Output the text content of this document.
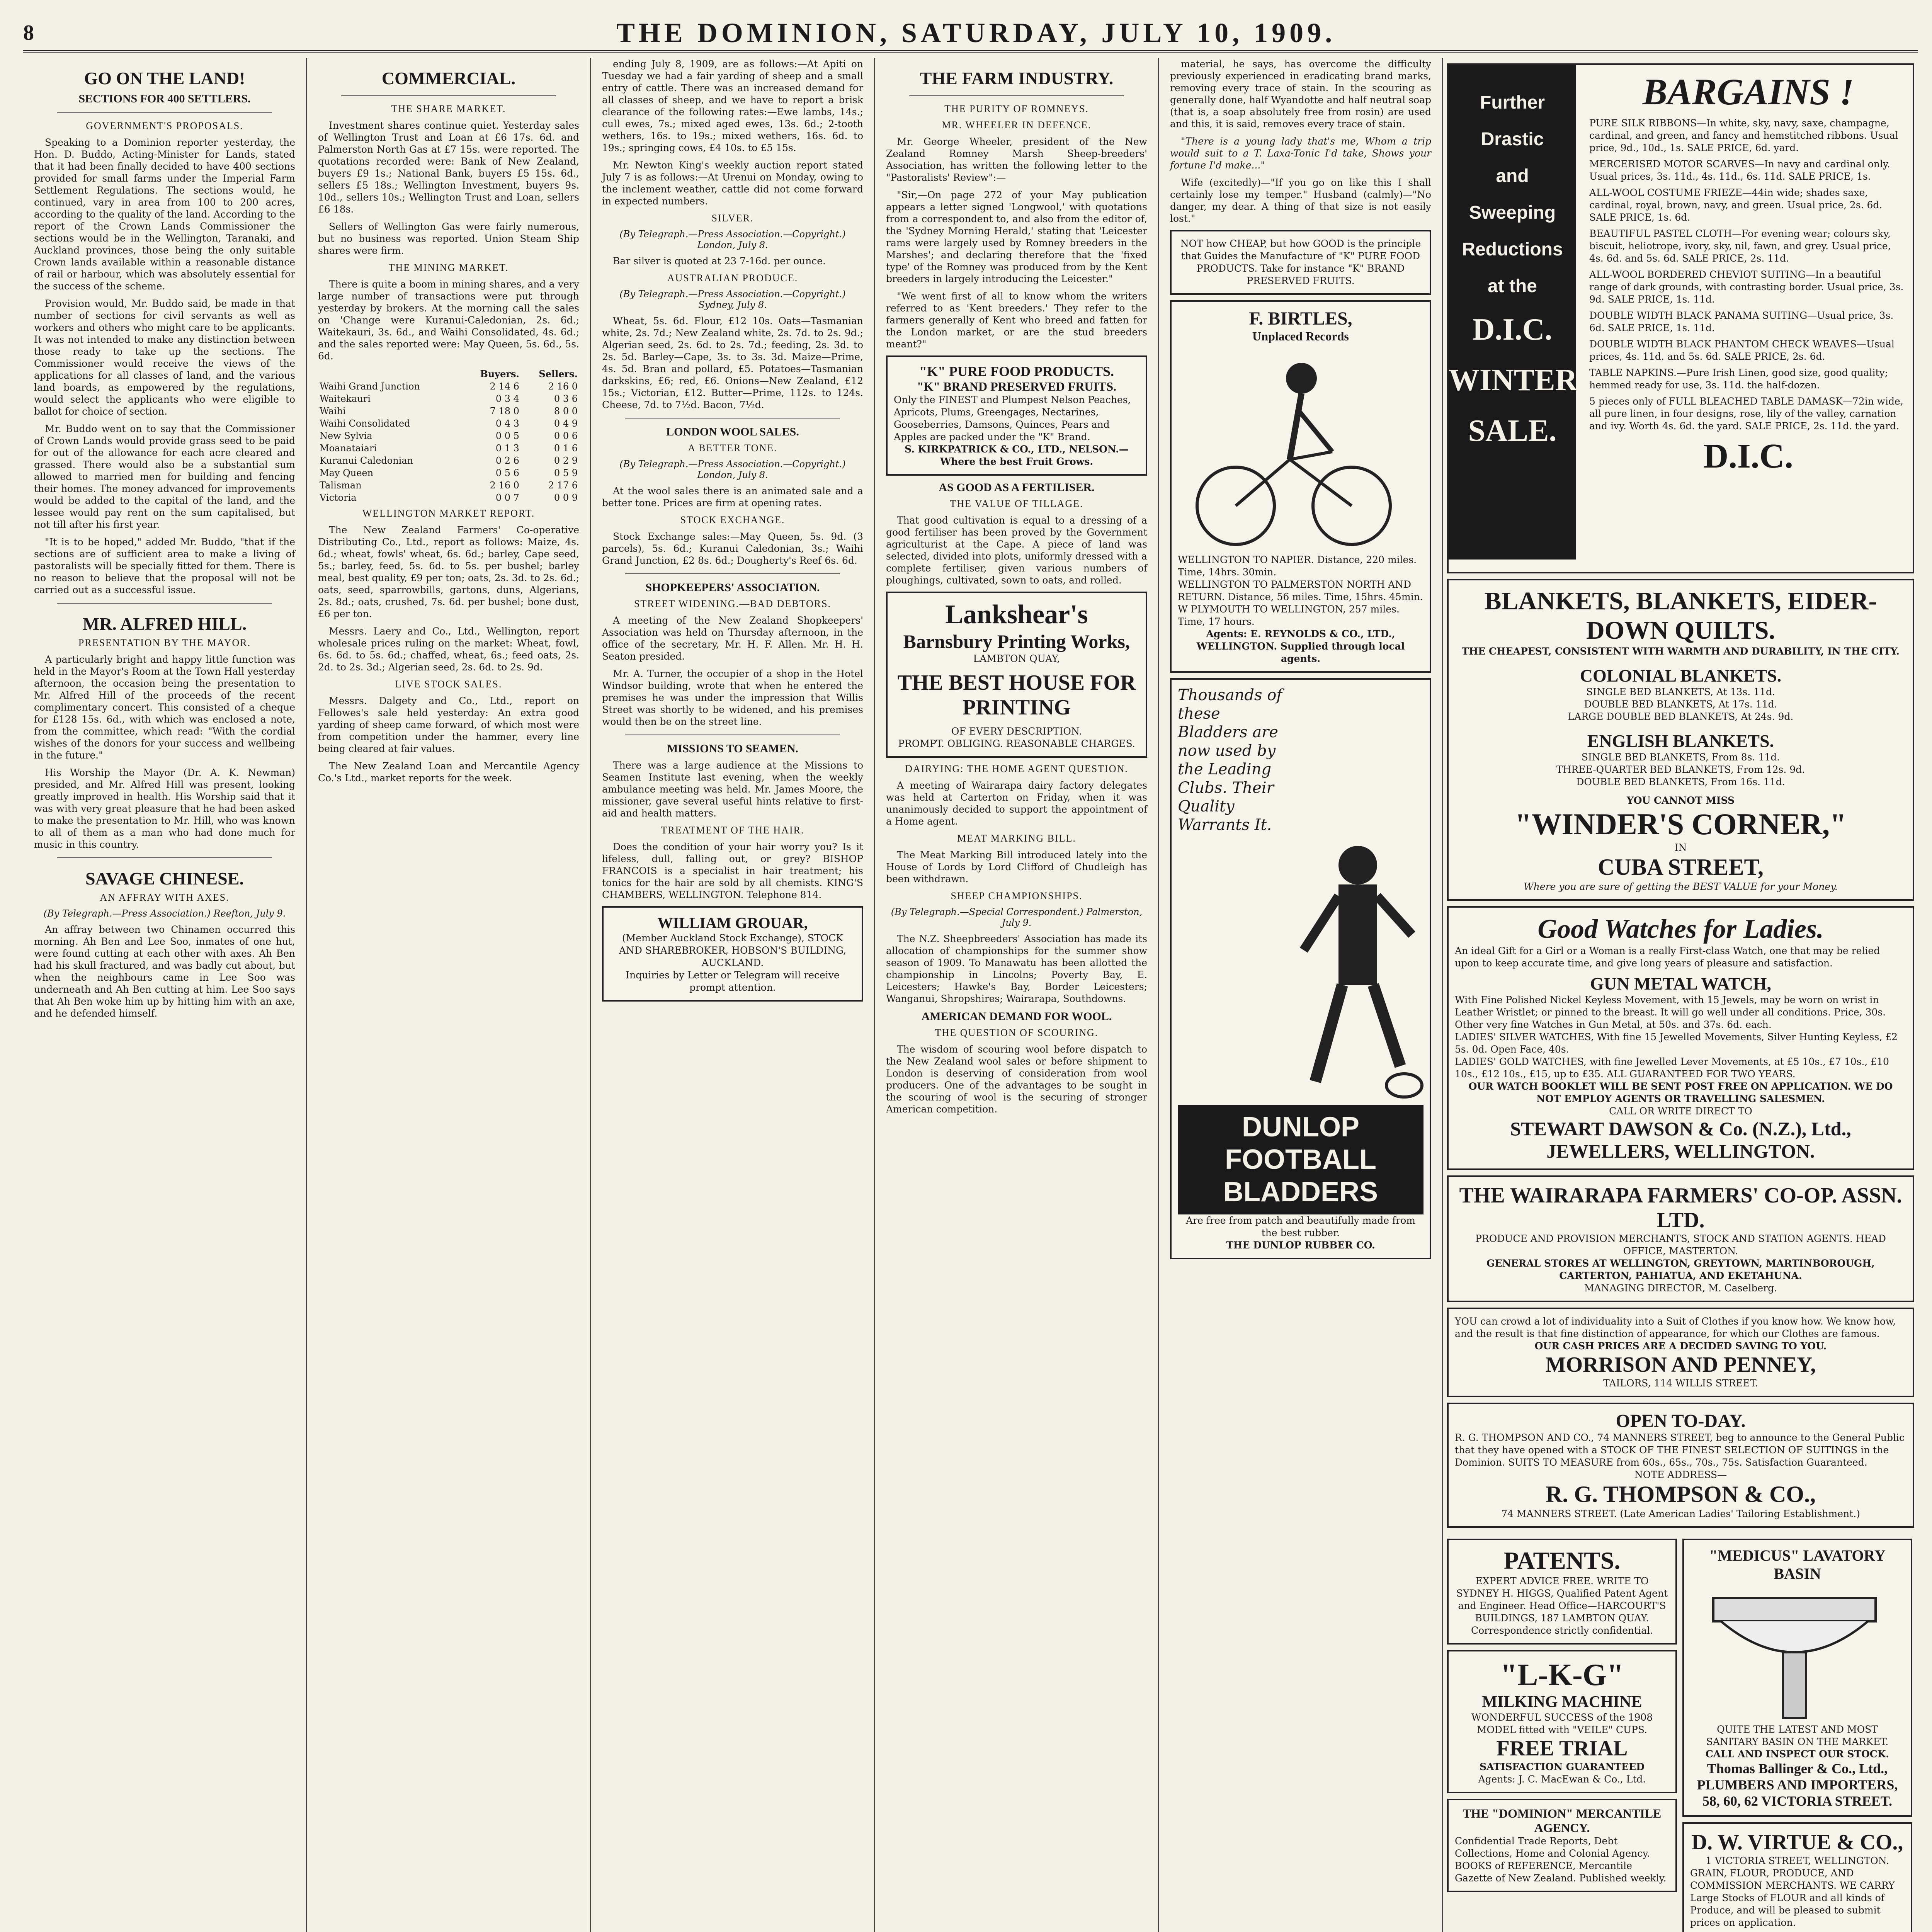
8	THE DOMINION, SATURDAY, JULY 10, 1909.
GO ON THE LAND!
SECTIONS FOR 400 SETTLERS.
GOVERNMENT'S PROPOSALS.

Speaking to a Dominion reporter yesterday, the Hon. D. Buddo, Acting-Minister for Lands, stated that it had been finally decided to have 400 sections provided for small farms under the Imperial Farm Settlement Regulations. The sections would, he continued, vary in area from 100 to 200 acres, according to the quality of the land. According to the report of the Crown Lands Commissioner the sections would be in the Wellington, Taranaki, and Auckland provinces, those being the only suitable Crown lands available within a reasonable distance of rail or harbour, which was absolutely essential for the success of the scheme.

Provision would, Mr. Buddo said, be made in that number of sections for civil servants as well as workers and others who might care to be applicants. It was not intended to make any distinction between those ready to take up the sections. The Commissioner would receive the views of the applications for all classes of land, and the various land boards, as empowered by the regulations, would select the applicants who were eligible to ballot for choice of section.

Mr. Buddo went on to say that the Commissioner of Crown Lands would provide grass seed to be paid for out of the allowance for each acre cleared and grassed. There would also be a substantial sum allowed to married men for building and fencing their homes. The money advanced for improvements would be added to the capital of the land, and the lessee would pay rent on the sum capitalised, but not till after his first year.

"It is to be hoped," added Mr. Buddo, "that if the sections are of sufficient area to make a living of pastoralists will be specially fitted for them. There is no reason to believe that the proposal will not be carried out as a successful issue.

MR. ALFRED HILL.
PRESENTATION BY THE MAYOR.

A particularly bright and happy little function was held in the Mayor's Room at the Town Hall yesterday afternoon, the occasion being the presentation to Mr. Alfred Hill of the proceeds of the recent complimentary concert. This consisted of a cheque for £128 15s. 6d., with which was enclosed a note, from the committee, which read: "With the cordial wishes of the donors for your success and wellbeing in the future."

His Worship the Mayor (Dr. A. K. Newman) presided, and Mr. Alfred Hill was present, looking greatly improved in health. His Worship said that it was with very great pleasure that he had been asked to make the presentation to Mr. Hill, who was known to all of them as a man who had done much for music in this country.

SAVAGE CHINESE.
AN AFFRAY WITH AXES.
(By Telegraph.—Press Association.) Reefton, July 9.

An affray between two Chinamen occurred this morning. Ah Ben and Lee Soo, inmates of one hut, were found cutting at each other with axes. Ah Ben had his skull fractured, and was badly cut about, but when the neighbours came in Lee Soo was underneath and Ah Ben cutting at him. Lee Soo says that Ah Ben woke him up by hitting him with an axe, and he defended himself.

COMMERCIAL.
THE SHARE MARKET.

Investment shares continue quiet. Yesterday sales of Wellington Trust and Loan at £6 17s. 6d. and Palmerston North Gas at £7 15s. were reported. The quotations recorded were: Bank of New Zealand, buyers £9 1s.; National Bank, buyers £5 15s. 6d., sellers £5 18s.; Wellington Investment, buyers 9s. 10d., sellers 10s.; Wellington Trust and Loan, sellers £6 18s.

Sellers of Wellington Gas were fairly numerous, but no business was reported. Union Steam Ship shares were firm.

THE MINING MARKET.

There is quite a boom in mining shares, and a very large number of transactions were put through yesterday by brokers. At the morning call the sales on 'Change were Kuranui-Caledonian, 2s. 6d.; Waitekauri, 3s. 6d., and Waihi Consolidated, 4s. 6d.; and the sales reported were: May Queen, 5s. 6d., 5s. 6d.

	Buyers.	Sellers.
Waihi Grand Junction	2 14 6	2 16 0
Waitekauri	0 3 4	0 3 6
Waihi	7 18 0	8 0 0
Waihi Consolidated	0 4 3	0 4 9
New Sylvia	0 0 5	0 0 6
Moanataiari	0 1 3	0 1 6
Kuranui Caledonian	0 2 6	0 2 9
May Queen	0 5 6	0 5 9
Talisman	2 16 0	2 17 6
Victoria	0 0 7	0 0 9
WELLINGTON MARKET REPORT.

The New Zealand Farmers' Co-operative Distributing Co., Ltd., report as follows: Maize, 4s. 6d.; wheat, fowls' wheat, 6s. 6d.; barley, Cape seed, 5s.; barley, feed, 5s. 6d. to 5s. per bushel; barley meal, best quality, £9 per ton; oats, 2s. 3d. to 2s. 6d.; oats, seed, sparrowbills, gartons, duns, Algerians, 2s. 8d.; oats, crushed, 7s. 6d. per bushel; bone dust, £6 per ton.

Messrs. Laery and Co., Ltd., Wellington, report wholesale prices ruling on the market: Wheat, fowl, 6s. 6d. to 5s. 6d.; chaffed, wheat, 6s.; feed oats, 2s. 2d. to 2s. 3d.; Algerian seed, 2s. 6d. to 2s. 9d.

LIVE STOCK SALES.

Messrs. Dalgety and Co., Ltd., report on Fellowes's sale held yesterday: An extra good yarding of sheep came forward, of which most were from competition under the hammer, every line being cleared at fair values.

The New Zealand Loan and Mercantile Agency Co.'s Ltd., market reports for the week.

ending July 8, 1909, are as follows:—At Apiti on Tuesday we had a fair yarding of sheep and a small entry of cattle. There was an increased demand for all classes of sheep, and we have to report a brisk clearance of the following rates:—Ewe lambs, 14s.; cull ewes, 7s.; mixed aged ewes, 13s. 6d.; 2-tooth wethers, 16s. to 19s.; mixed wethers, 16s. 6d. to 19s.; springing cows, £4 10s. to £5 15s.

Mr. Newton King's weekly auction report stated July 7 is as follows:—At Urenui on Monday, owing to the inclement weather, cattle did not come forward in expected numbers.

SILVER.
(By Telegraph.—Press Association.—Copyright.) London, July 8.

Bar silver is quoted at 23 7-16d. per ounce.

AUSTRALIAN PRODUCE.
(By Telegraph.—Press Association.—Copyright.) Sydney, July 8.

Wheat, 5s. 6d. Flour, £12 10s. Oats—Tasmanian white, 2s. 7d.; New Zealand white, 2s. 7d. to 2s. 9d.; Algerian seed, 2s. 6d. to 2s. 7d.; feeding, 2s. 3d. to 2s. 5d. Barley—Cape, 3s. to 3s. 3d. Maize—Prime, 4s. 5d. Bran and pollard, £5. Potatoes—Tasmanian darkskins, £6; red, £6. Onions—New Zealand, £12 15s.; Victorian, £12. Butter—Prime, 112s. to 124s. Cheese, 7d. to 7½d. Bacon, 7½d.

LONDON WOOL SALES.
A BETTER TONE.
(By Telegraph.—Press Association.—Copyright.) London, July 8.

At the wool sales there is an animated sale and a better tone. Prices are firm at opening rates.

STOCK EXCHANGE.

Stock Exchange sales:—May Queen, 5s. 9d. (3 parcels), 5s. 6d.; Kuranui Caledonian, 3s.; Waihi Grand Junction, £2 8s. 6d.; Dougherty's Reef 6s. 6d.

SHOPKEEPERS' ASSOCIATION.
STREET WIDENING.—BAD DEBTORS.

A meeting of the New Zealand Shopkeepers' Association was held on Thursday afternoon, in the office of the secretary, Mr. H. F. Allen. Mr. H. H. Seaton presided.

Mr. A. Turner, the occupier of a shop in the Hotel Windsor building, wrote that when he entered the premises he was under the impression that Willis Street was shortly to be widened, and his premises would then be on the street line.

MISSIONS TO SEAMEN.

There was a large audience at the Missions to Seamen Institute last evening, when the weekly ambulance meeting was held. Mr. James Moore, the missioner, gave several useful hints relative to first-aid and health matters.

TREATMENT OF THE HAIR.

Does the condition of your hair worry you? Is it lifeless, dull, falling out, or grey? BISHOP FRANCOIS is a specialist in hair treatment; his tonics for the hair are sold by all chemists. KING'S CHAMBERS, WELLINGTON. Telephone 814.

WILLIAM GROUAR,
(Member Auckland Stock Exchange), STOCK AND SHAREBROKER, HOBSON'S BUILDING, AUCKLAND.
Inquiries by Letter or Telegram will receive prompt attention.
THE FARM INDUSTRY.
THE PURITY OF ROMNEYS.
MR. WHEELER IN DEFENCE.

Mr. George Wheeler, president of the New Zealand Romney Marsh Sheep-breeders' Association, has written the following letter to the "Pastoralists' Review":—

"Sir,—On page 272 of your May publication appears a letter signed 'Longwool,' with quotations from a correspondent to, and also from the editor of, the 'Sydney Morning Herald,' stating that 'Leicester rams were largely used by Romney breeders in the Marshes'; and declaring therefore that the 'fixed type' of the Romney was produced from by the Kent breeders in largely introducing the Leicester."

"We went first of all to know whom the writers referred to as 'Kent breeders.' They refer to the farmers generally of Kent who breed and fatten for the London market, or are the stud breeders meant?"

"K" PURE FOOD PRODUCTS.
"K" BRAND PRESERVED FRUITS.
Only the FINEST and Plumpest Nelson Peaches, Apricots, Plums, Greengages, Nectarines, Gooseberries, Damsons, Quinces, Pears and Apples are packed under the "K" Brand.
S. KIRKPATRICK & CO., LTD., NELSON.—Where the best Fruit Grows.
AS GOOD AS A FERTILISER.
THE VALUE OF TILLAGE.

That good cultivation is equal to a dressing of a good fertiliser has been proved by the Government agriculturist at the Cape. A piece of land was selected, divided into plots, uniformly dressed with a complete fertiliser, given various numbers of ploughings, cultivated, sown to oats, and rolled.

Lankshear's
Barnsbury Printing Works,
LAMBTON QUAY,
THE BEST HOUSE FOR PRINTING
OF EVERY DESCRIPTION.
PROMPT. OBLIGING. REASONABLE CHARGES.
DAIRYING: THE HOME AGENT QUESTION.

A meeting of Wairarapa dairy factory delegates was held at Carterton on Friday, when it was unanimously decided to support the appointment of a Home agent.

MEAT MARKING BILL.

The Meat Marking Bill introduced lately into the House of Lords by Lord Clifford of Chudleigh has been withdrawn.

SHEEP CHAMPIONSHIPS.
(By Telegraph.—Special Correspondent.) Palmerston, July 9.

The N.Z. Sheepbreeders' Association has made its allocation of championships for the summer show season of 1909. To Manawatu has been allotted the championship in Lincolns; Poverty Bay, E. Leicesters; Hawke's Bay, Border Leicesters; Wanganui, Shropshires; Wairarapa, Southdowns.

AMERICAN DEMAND FOR WOOL.
THE QUESTION OF SCOURING.

The wisdom of scouring wool before dispatch to the New Zealand wool sales or before shipment to London is deserving of consideration from wool producers. One of the advantages to be sought in the scouring of wool is the securing of stronger American competition.

material, he says, has overcome the difficulty previously experienced in eradicating brand marks, removing every trace of stain. In the scouring as generally done, half Wyandotte and half neutral soap (that is, a soap absolutely free from rosin) are used and this, it is said, removes every trace of stain.

"There is a young lady that's me, Whom a trip would suit to a T. Laxa-Tonic I'd take, Shows your fortune I'd make..."

Wife (excitedly)—"If you go on like this I shall certainly lose my temper." Husband (calmly)—"No danger, my dear. A thing of that size is not easily lost."

NOT how CHEAP, but how GOOD is the principle that Guides the Manufacture of "K" PURE FOOD PRODUCTS. Take for instance "K" BRAND PRESERVED FRUITS.
F. BIRTLES,
Unplaced Records
WELLINGTON TO NAPIER. Distance, 220 miles. Time, 14hrs. 30min.
WELLINGTON TO PALMERSTON NORTH AND RETURN. Distance, 56 miles. Time, 15hrs. 45min.
W PLYMOUTH TO WELLINGTON, 257 miles. Time, 17 hours.
Agents: E. REYNOLDS & CO., LTD., WELLINGTON. Supplied through local agents.
Thousands of these Bladders are now used by the Leading Clubs. Their Quality Warrants It.
DUNLOP FOOTBALL BLADDERS
Are free from patch and beautifully made from the best rubber.
THE DUNLOP RUBBER CO.
Further
Drastic
and
Sweeping
Reductions
at the
D.I.C.
WINTER
SALE.
BARGAINS !
PURE SILK RIBBONS—In white, sky, navy, saxe, champagne, cardinal, and green, and fancy and hemstitched ribbons. Usual price, 9d., 10d., 1s. SALE PRICE, 6d. yard.
MERCERISED MOTOR SCARVES—In navy and cardinal only. Usual prices, 3s. 11d., 4s. 11d., 6s. 11d. SALE PRICE, 1s.
ALL-WOOL COSTUME FRIEZE—44in wide; shades saxe, cardinal, royal, brown, navy, and green. Usual price, 2s. 6d. SALE PRICE, 1s. 6d.
BEAUTIFUL PASTEL CLOTH—For evening wear; colours sky, biscuit, heliotrope, ivory, sky, nil, fawn, and grey. Usual price, 4s. 6d. and 5s. 6d. SALE PRICE, 2s. 11d.
ALL-WOOL BORDERED CHEVIOT SUITING—In a beautiful range of dark grounds, with contrasting border. Usual price, 3s. 9d. SALE PRICE, 1s. 11d.
DOUBLE WIDTH BLACK PANAMA SUITING—Usual price, 3s. 6d. SALE PRICE, 1s. 11d.
DOUBLE WIDTH BLACK PHANTOM CHECK WEAVES—Usual prices, 4s. 11d. and 5s. 6d. SALE PRICE, 2s. 6d.
TABLE NAPKINS.—Pure Irish Linen, good size, good quality; hemmed ready for use, 3s. 11d. the half-dozen.
5 pieces only of FULL BLEACHED TABLE DAMASK—72in wide, all pure linen, in four designs, rose, lily of the valley, carnation and ivy. Worth 4s. 6d. the yard. SALE PRICE, 2s. 11d. the yard.
D.I.C.
BLANKETS, BLANKETS, EIDER-DOWN QUILTS.
THE CHEAPEST, CONSISTENT WITH WARMTH AND DURABILITY, IN THE CITY.
COLONIAL BLANKETS.
SINGLE BED BLANKETS, At 13s. 11d.
DOUBLE BED BLANKETS, At 17s. 11d.
LARGE DOUBLE BED BLANKETS, At 24s. 9d.
ENGLISH BLANKETS.
SINGLE BED BLANKETS, From 8s. 11d.
THREE-QUARTER BED BLANKETS, From 12s. 9d.
DOUBLE BED BLANKETS, From 16s. 11d.
YOU CANNOT MISS
"WINDER'S CORNER,"
IN
CUBA STREET,
Where you are sure of getting the BEST VALUE for your Money.
Good Watches for Ladies.
An ideal Gift for a Girl or a Woman is a really First-class Watch, one that may be relied upon to keep accurate time, and give long years of pleasure and satisfaction.
GUN METAL WATCH,
With Fine Polished Nickel Keyless Movement, with 15 Jewels, may be worn on wrist in Leather Wristlet; or pinned to the breast. It will go well under all conditions. Price, 30s.
Other very fine Watches in Gun Metal, at 50s. and 37s. 6d. each.
LADIES' SILVER WATCHES, With fine 15 Jewelled Movements, Silver Hunting Keyless, £2 5s. 0d. Open Face, 40s.
LADIES' GOLD WATCHES, with fine Jewelled Lever Movements, at £5 10s., £7 10s., £10 10s., £12 10s., £15, up to £35. ALL GUARANTEED FOR TWO YEARS.
OUR WATCH BOOKLET WILL BE SENT POST FREE ON APPLICATION. WE DO NOT EMPLOY AGENTS OR TRAVELLING SALESMEN.
CALL OR WRITE DIRECT TO
STEWART DAWSON & Co. (N.Z.), Ltd., JEWELLERS, WELLINGTON.
THE WAIRARAPA FARMERS' CO-OP. ASSN. LTD.
PRODUCE AND PROVISION MERCHANTS, STOCK AND STATION AGENTS. HEAD OFFICE, MASTERTON.
GENERAL STORES AT WELLINGTON, GREYTOWN, MARTINBOROUGH, CARTERTON, PAHIATUA, AND EKETAHUNA.
MANAGING DIRECTOR, M. Caselberg.
YOU can crowd a lot of individuality into a Suit of Clothes if you know how. We know how, and the result is that fine distinction of appearance, for which our Clothes are famous.
OUR CASH PRICES ARE A DECIDED SAVING TO YOU.
MORRISON AND PENNEY,
TAILORS, 114 WILLIS STREET.
OPEN TO-DAY.
R. G. THOMPSON AND CO., 74 MANNERS STREET, beg to announce to the General Public that they have opened with a STOCK OF THE FINEST SELECTION OF SUITINGS in the Dominion. SUITS TO MEASURE from 60s., 65s., 70s., 75s. Satisfaction Guaranteed.
NOTE ADDRESS—
R. G. THOMPSON & CO.,
74 MANNERS STREET. (Late American Ladies' Tailoring Establishment.)
PATENTS.
EXPERT ADVICE FREE. WRITE TO SYDNEY H. HIGGS, Qualified Patent Agent and Engineer. Head Office—HARCOURT'S BUILDINGS, 187 LAMBTON QUAY. Correspondence strictly confidential.
"L-K-G"
MILKING MACHINE
WONDERFUL SUCCESS of the 1908 MODEL fitted with "VEILE" CUPS.
FREE TRIAL
SATISFACTION GUARANTEED
Agents: J. C. MacEwan & Co., Ltd.
THE "DOMINION" MERCANTILE AGENCY.
Confidential Trade Reports, Debt Collections, Home and Colonial Agency. BOOKS of REFERENCE, Mercantile Gazette of New Zealand. Published weekly.
"MEDICUS" LAVATORY BASIN
QUITE THE LATEST AND MOST SANITARY BASIN ON THE MARKET.
CALL AND INSPECT OUR STOCK.
Thomas Ballinger & Co., Ltd., PLUMBERS AND IMPORTERS, 58, 60, 62 VICTORIA STREET.
D. W. VIRTUE & CO.,
1 VICTORIA STREET, WELLINGTON.
GRAIN, FLOUR, PRODUCE, AND COMMISSION MERCHANTS. WE CARRY Large Stocks of FLOUR and all kinds of Produce, and will be pleased to submit prices on application.
